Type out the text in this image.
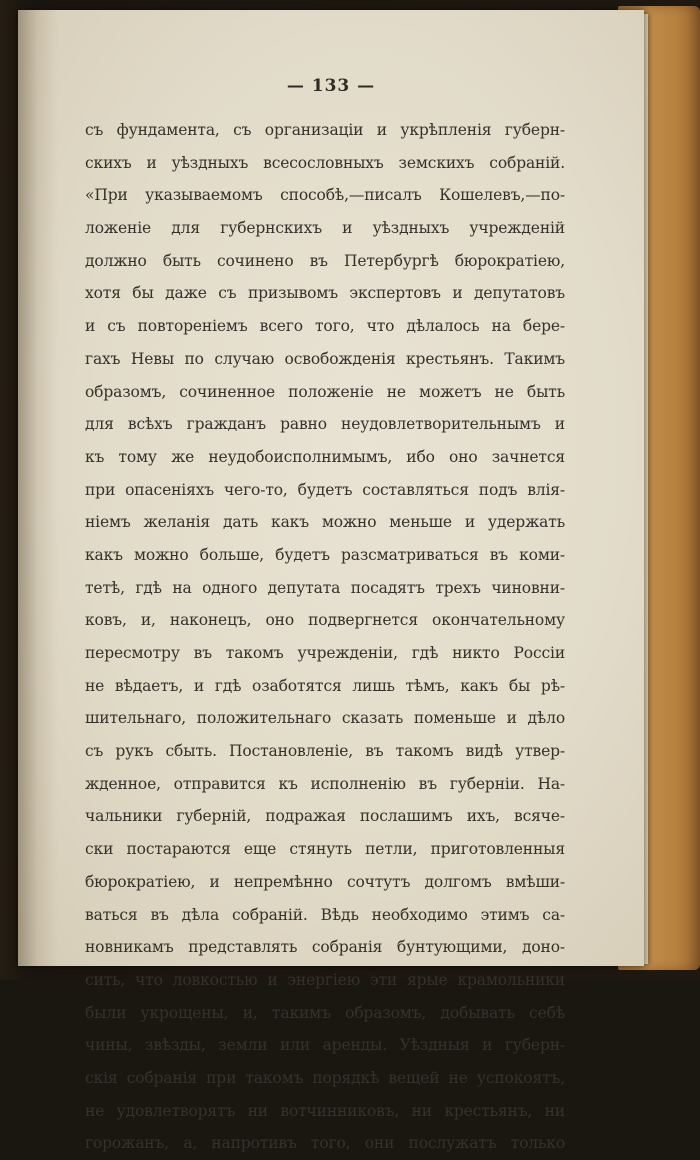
— 133 —

съ фундамента, съ организаціи и укрѣпленія губерн-
скихъ и уѣздныхъ всесословныхъ земскихъ собраній.
«При указываемомъ способѣ,—писалъ Кошелевъ,—по-
ложеніе для губернскихъ и уѣздныхъ учрежденій
должно быть сочинено въ Петербургѣ бюрократіею,
хотя бы даже съ призывомъ экспертовъ и депутатовъ
и съ повтореніемъ всего того, что дѣлалось на бере-
гахъ Невы по случаю освобожденія крестьянъ. Такимъ
образомъ, сочиненное положеніе не можетъ не быть
для всѣхъ гражданъ равно неудовлетворительнымъ и
къ тому же неудобоисполнимымъ, ибо оно зачнется
при опасеніяхъ чего-то, будетъ составляться подъ влія-
ніемъ желанія дать какъ можно меньше и удержать
какъ можно больше, будетъ разсматриваться въ коми-
тетѣ, гдѣ на одного депутата посадятъ трехъ чиновни-
ковъ, и, наконецъ, оно подвергнется окончательному
пересмотру въ такомъ учрежденіи, гдѣ никто Россіи
не вѣдаетъ, и гдѣ озаботятся лишь тѣмъ, какъ бы рѣ-
шительнаго, положительнаго сказать поменьше и дѣло
съ рукъ сбыть. Постановленіе, въ такомъ видѣ утвер-
жденное, отправится къ исполненію въ губерніи. На-
чальники губерній, подражая послашимъ ихъ, всяче-
ски постараются еще стянуть петли, приготовленныя
бюрократіею, и непремѣнно сочтутъ долгомъ вмѣши-
ваться въ дѣла собраній. Вѣдь необходимо этимъ са-
новникамъ представлять собранія бунтующими, доно-
сить, что ловкостью и энергіею эти ярые крамольники
были укрощены, и, такимъ образомъ, добывать себѣ
чины, звѣзды, земли или аренды. Уѣздныя и губерн-
скія собранія при такомъ порядкѣ вещей не успокоятъ,
не удовлетворятъ ни вотчинниковъ, ни крестьянъ, ни
горожанъ, а, напротивъ того, они послужатъ только
